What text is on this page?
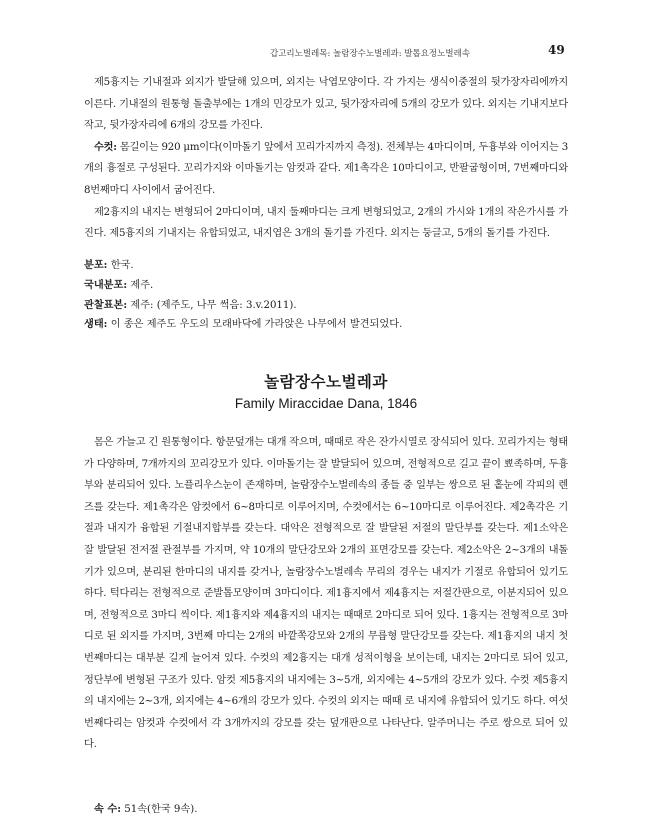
갑고리노벌레목: 놀람장수노벌레과: 발톱요정노벌레속	49

제5흉지는 기내절과 외지가 발달해 있으며, 외지는 낙엽모양이다. 각 가지는 생식이중절의 뒷가장자리에까지 이른다. 기내절의 원통형 돌출부에는 1개의 민강모가 있고, 뒷가장자리에 5개의 강모가 있다. 외지는 기내지보다 작고, 뒷가장자리에 6개의 강모를 가진다.

수컷: 몸길이는 920 μm이다(이마돌기 앞에서 꼬리가지까지 측정). 전체부는 4마디이며, 두흉부와 이어지는 3개의 흉절로 구성된다. 꼬리가지와 이마돌기는 암컷과 같다. 제1촉각은 10마디이고, 반팔굽형이며, 7번째마디와 8번째마디 사이에서 굽어진다.

제2흉지의 내지는 변형되어 2마디이며, 내지 둘째마디는 크게 변형되었고, 2개의 가시와 1개의 작은가시를 가진다. 제5흉지의 기내지는 유합되었고, 내지엽은 3개의 돌기를 가진다. 외지는 둥글고, 5개의 돌기를 가진다.

분포: 한국.

국내분포: 제주.

관찰표본: 제주: (제주도, 나무 썩음: 3.v.2011).

생태: 이 종은 제주도 우도의 모래바닥에 가라앉은 나무에서 발견되었다.

놀람장수노벌레과
Family Miraccidae Dana, 1846

몸은 가늘고 긴 원통형이다. 항문덮개는 대개 작으며, 때때로 작은 잔가시열로 장식되어 있다. 꼬리가지는 형태가 다양하며, 7개까지의 꼬리강모가 있다. 이마돌기는 잘 발달되어 있으며, 전형적으로 길고 끝이 뾰족하며, 두흉부와 분리되어 있다. 노플리우스눈이 존재하며, 놀람장수노벌레속의 종들 중 일부는 쌍으로 된 홑눈에 각피의 렌즈를 갖는다. 제1촉각은 암컷에서 6~8마디로 이루어지며, 수컷에서는 6~10마디로 이루어진다. 제2촉각은 기절과 내지가 융합된 기절내지합부를 갖는다. 대악은 전형적으로 잘 발달된 저절의 말단부를 갖는다. 제1소악은 잘 발달된 전저절 관절부를 가지며, 약 10개의 말단강모와 2개의 표면강모를 갖는다. 제2소악은 2~3개의 내돌기가 있으며, 분리된 한마디의 내지를 갖거나, 놀람장수노벌레속 무리의 경우는 내지가 기절로 유합되어 있기도 하다. 턱다리는 전형적으로 준발톱모양이며 3마디이다. 제1흉지에서 제4흉지는 저절간판으로, 이분지되어 있으며, 전형적으로 3마디 씩이다. 제1흉지와 제4흉지의 내지는 때때로 2마디로 되어 있다. 1흉지는 전형적으로 3마디로 된 외지를 가지며, 3번째 마디는 2개의 바깥쪽강모와 2개의 무릅형 말단강모를 갖는다. 제1흉지의 내지 첫번째마디는 대부분 길게 늘어져 있다. 수컷의 제2흉지는 대개 성적이형을 보이는데, 내지는 2마디로 되어 있고, 정단부에 변형된 구조가 있다. 암컷 제5흉지의 내지에는 3~5개, 외지에는 4~5개의 강모가 있다. 수컷 제5흉지의 내지에는 2~3개, 외지에는 4~6개의 강모가 있다. 수컷의 외지는 때때 로 내지에 유합되어 있기도 하다. 여섯번째다리는 암컷과 수컷에서 각 3개까지의 강모를 갖는 덮개판으로 나타난다. 알주머니는 주로 쌍으로 되어 있다.

속 수: 51속(한국 9속).
